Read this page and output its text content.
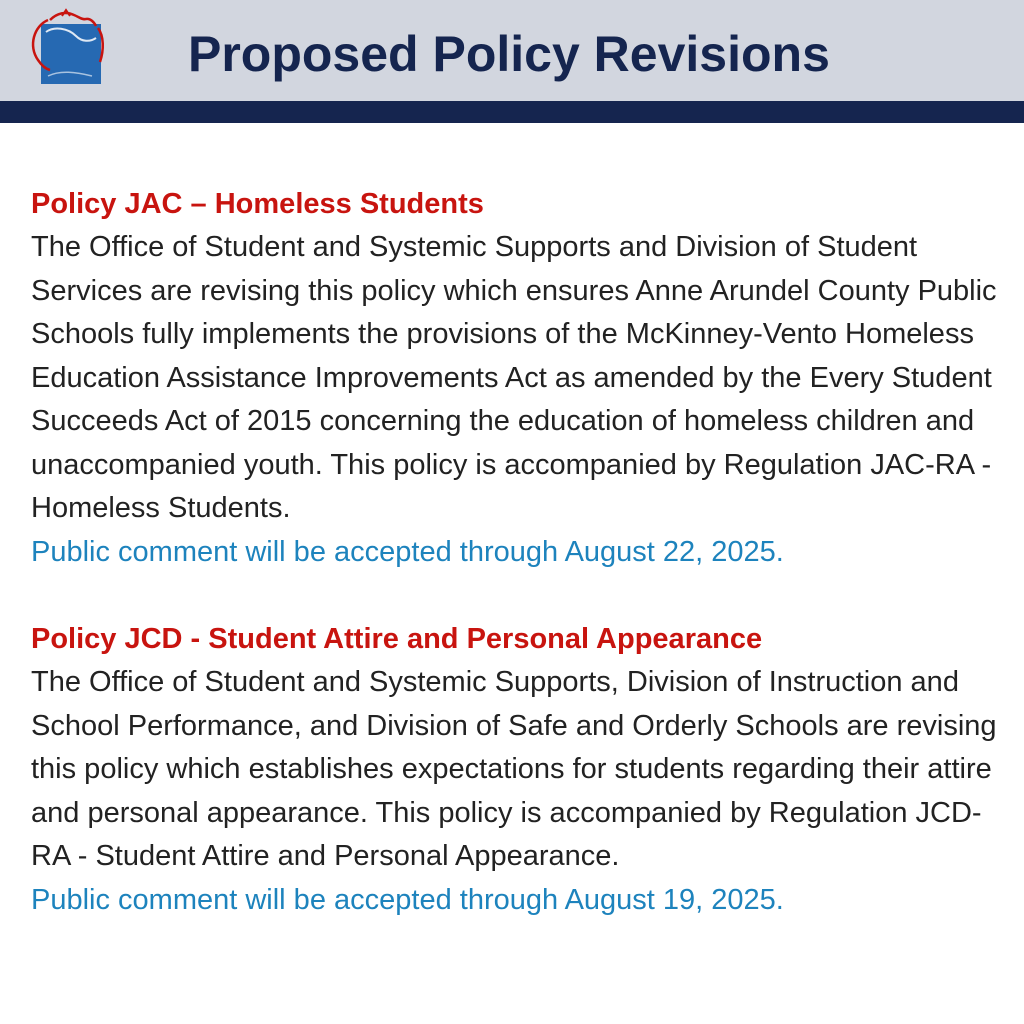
Proposed Policy Revisions

Policy JAC – Homeless Students

The Office of Student and Systemic Supports and Division of Student Services are revising this policy which ensures Anne Arundel County Public Schools fully implements the provisions of the McKinney-Vento Homeless Education Assistance Improvements Act as amended by the Every Student Succeeds Act of 2015 concerning the education of homeless children and unaccompanied youth. This policy is accompanied by Regulation JAC-RA - Homeless Students.

Public comment will be accepted through August 22, 2025.

Policy JCD - Student Attire and Personal Appearance

The Office of Student and Systemic Supports, Division of Instruction and School Performance, and Division of Safe and Orderly Schools are revising this policy which establishes expectations for students regarding their attire and personal appearance. This policy is accompanied by Regulation JCD-RA - Student Attire and Personal Appearance.

Public comment will be accepted through August 19, 2025.
